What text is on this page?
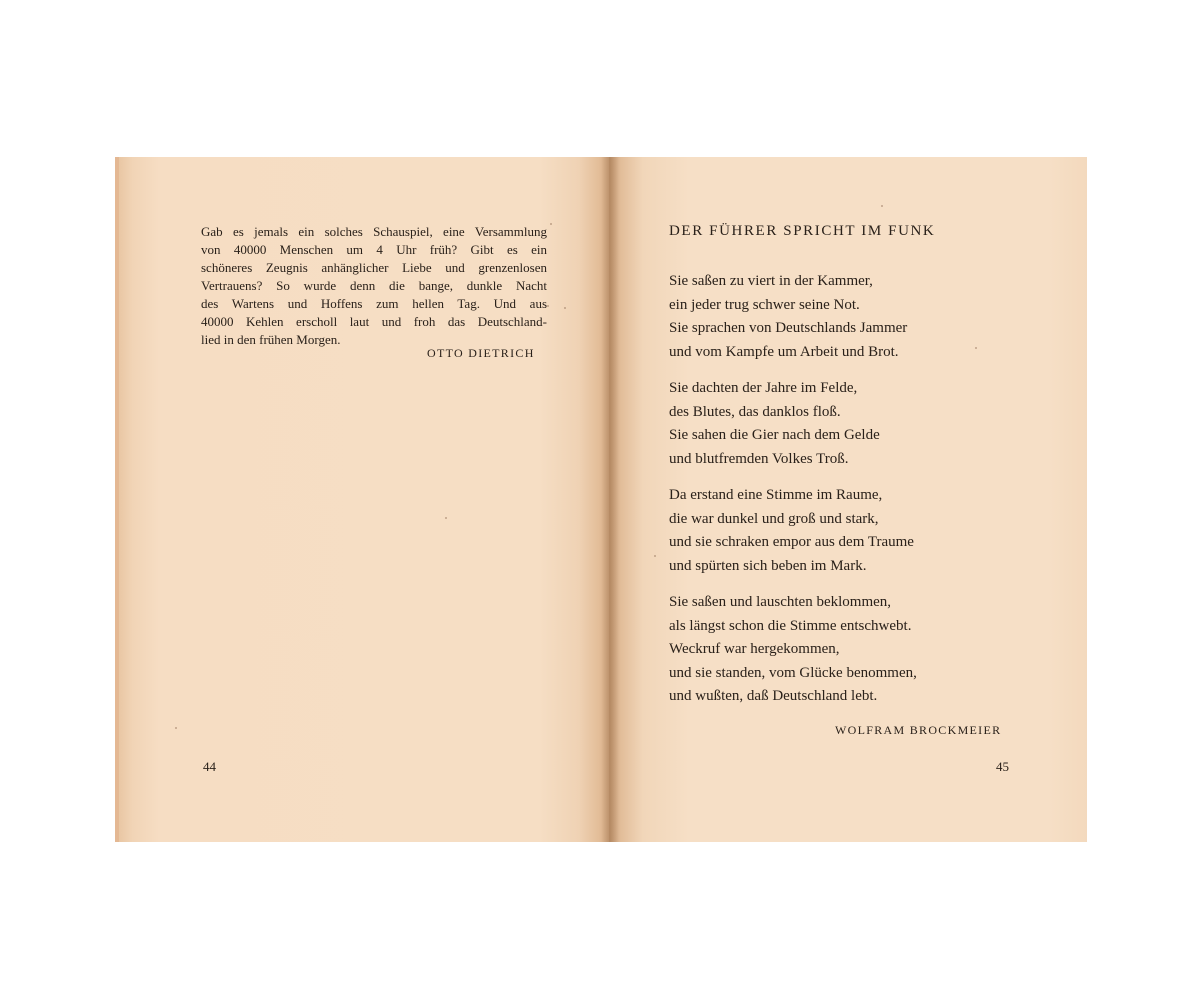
Gab es jemals ein solches Schauspiel, eine Versammlung
von 40000 Menschen um 4 Uhr früh? Gibt es ein
schöneres Zeugnis anhänglicher Liebe und grenzenlosen
Vertrauens? So wurde denn die bange, dunkle Nacht
des Wartens und Hoffens zum hellen Tag. Und aus
40000 Kehlen erscholl laut und froh das Deutschland-
lied in den frühen Morgen.
OTTO DIETRICH
44
DER FÜHRER SPRICHT IM FUNK
Sie saßen zu viert in der Kammer,
ein jeder trug schwer seine Not.
Sie sprachen von Deutschlands Jammer
und vom Kampfe um Arbeit und Brot.
Sie dachten der Jahre im Felde,
des Blutes, das danklos floß.
Sie sahen die Gier nach dem Gelde
und blutfremden Volkes Troß.
Da erstand eine Stimme im Raume,
die war dunkel und groß und stark,
und sie schraken empor aus dem Traume
und spürten sich beben im Mark.
Sie saßen und lauschten beklommen,
als längst schon die Stimme entschwebt.
Weckruf war hergekommen,
und sie standen, vom Glücke benommen,
und wußten, daß Deutschland lebt.
WOLFRAM BROCKMEIER
45
